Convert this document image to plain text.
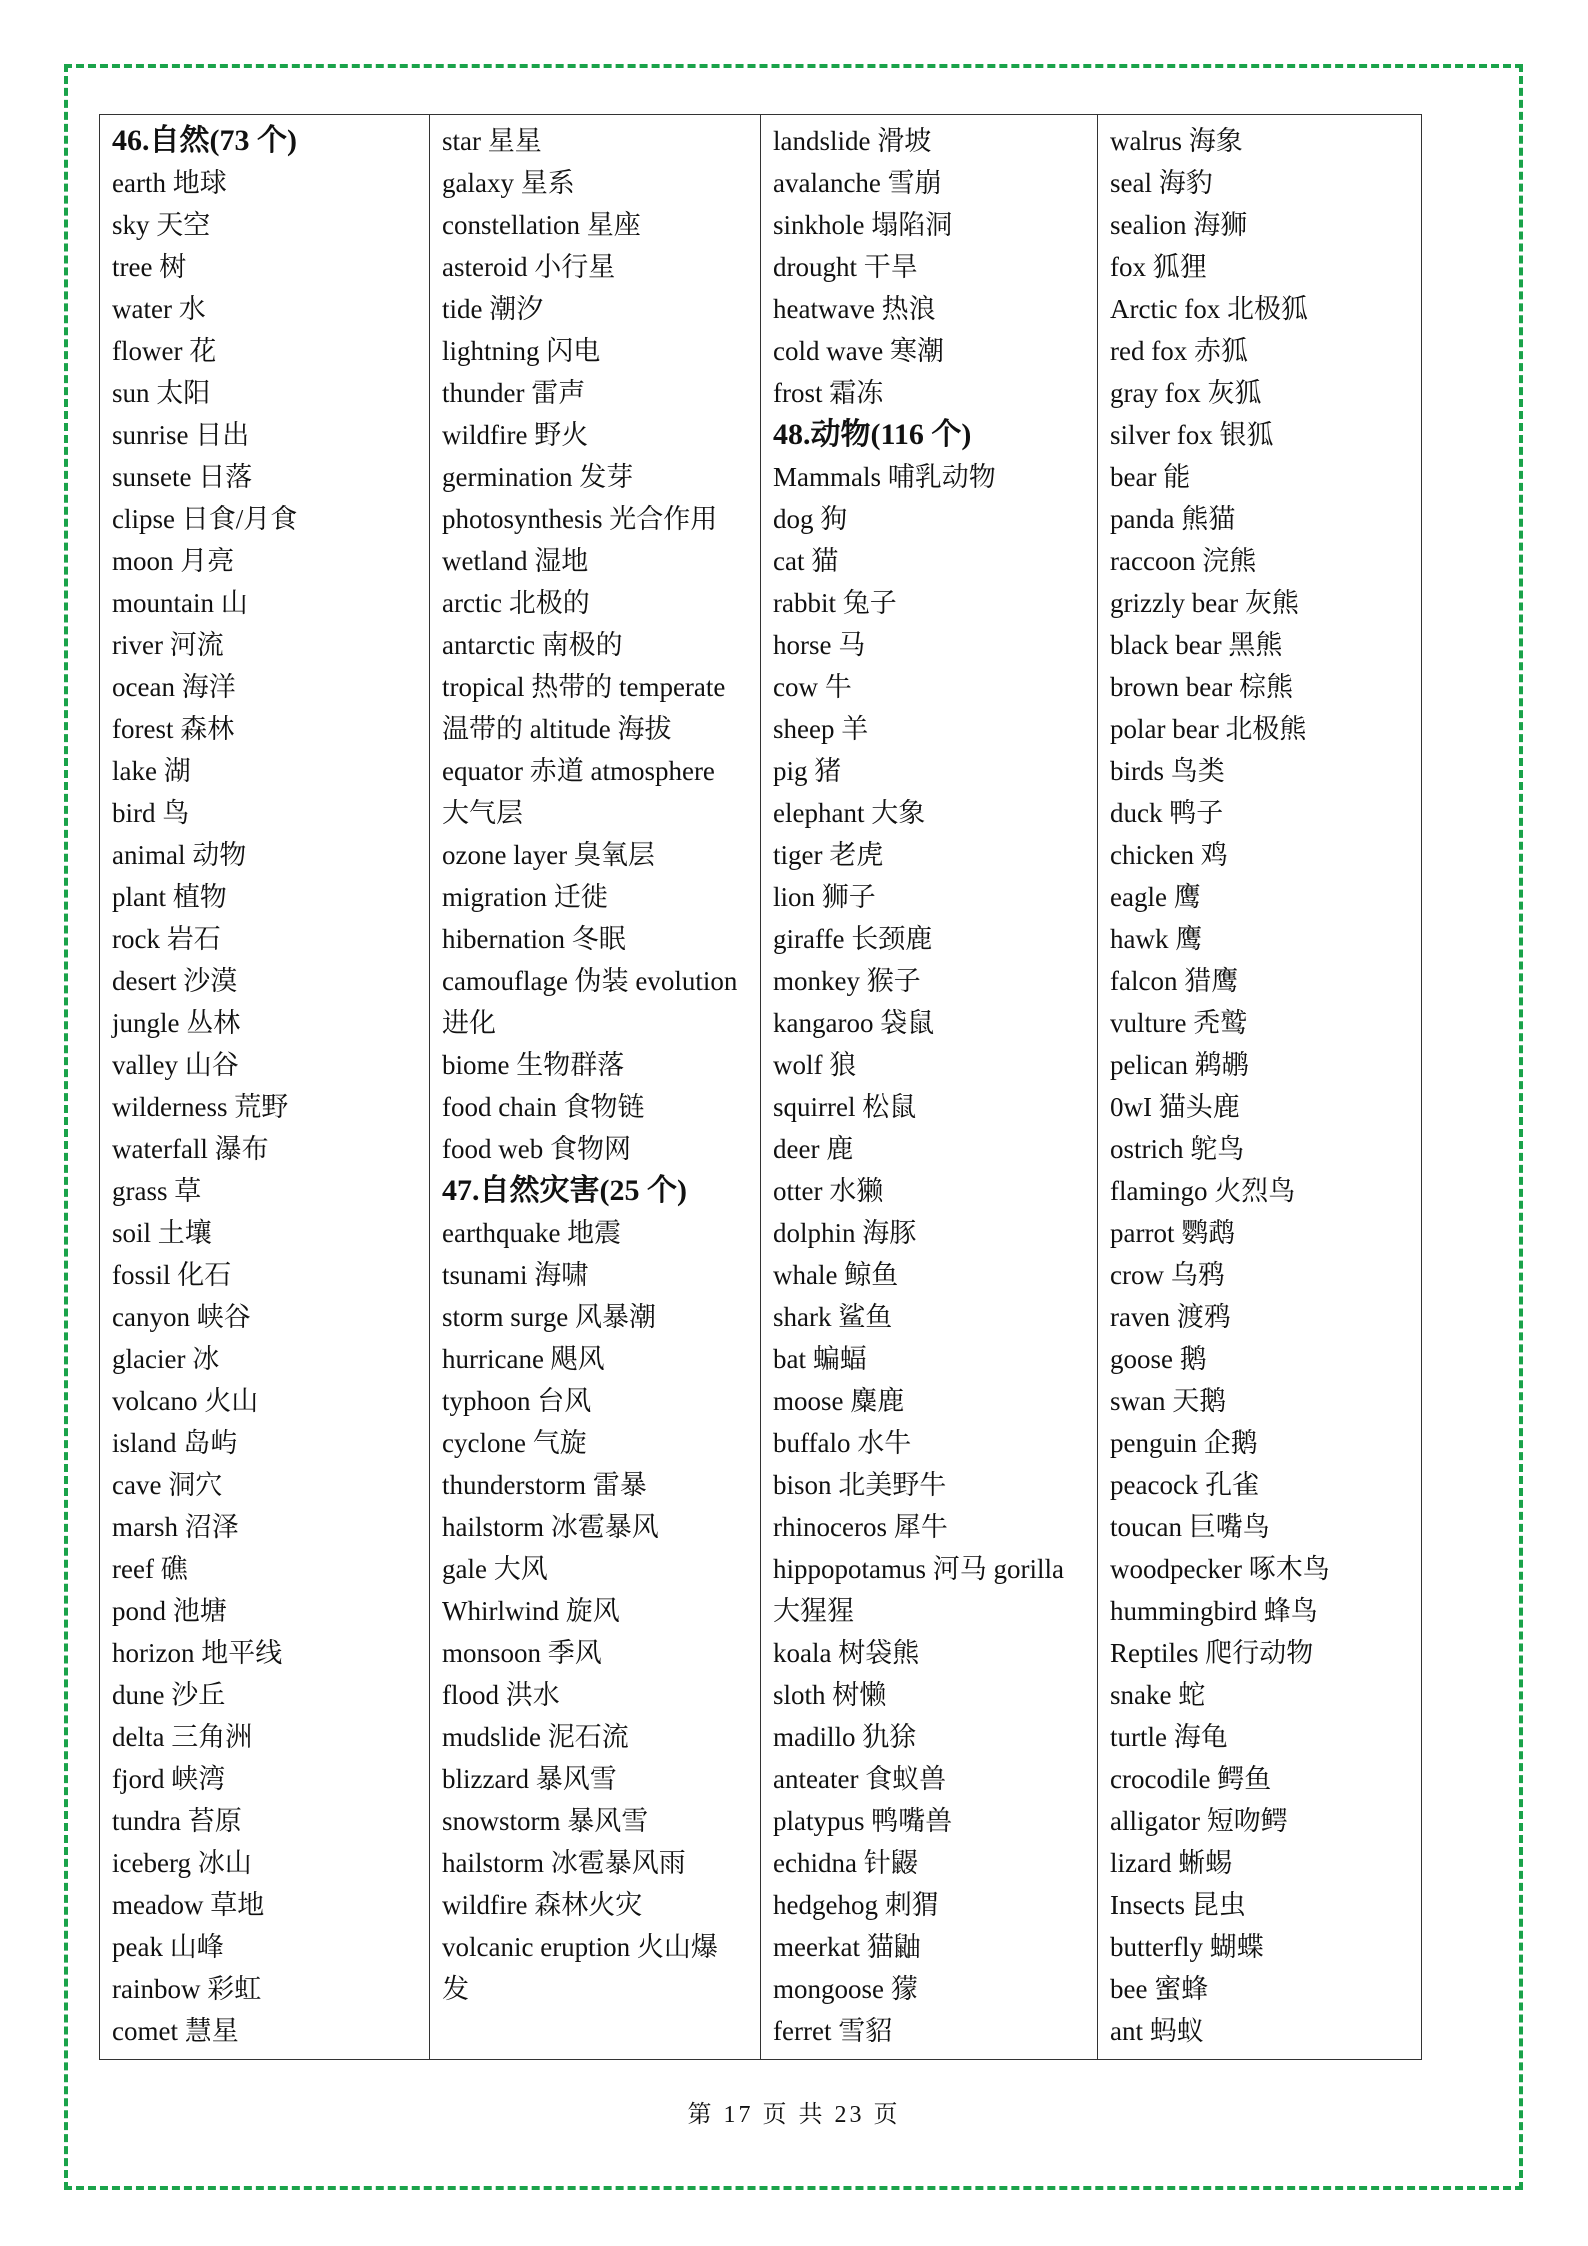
46.自然(73 个)
earth 地球
sky 天空
tree 树
water 水
flower 花
sun 太阳
sunrise 日出
sunsete 日落
clipse 日食/月食
moon 月亮
mountain 山
river 河流
ocean 海洋
forest 森林
lake 湖
bird 鸟
animal 动物
plant 植物
rock 岩石
desert 沙漠
jungle 丛林
valley 山谷
wilderness 荒野
waterfall 瀑布
grass 草
soil 土壤
fossil 化石
canyon 峡谷
glacier 冰
volcano 火山
island 岛屿
cave 洞穴
marsh 沼泽
reef 礁
pond 池塘
horizon 地平线
dune 沙丘
delta 三角洲
fjord 峡湾
tundra 苔原
iceberg 冰山
meadow 草地
peak 山峰
rainbow 彩虹
comet 慧星
star 星星
galaxy 星系
constellation 星座
asteroid 小行星
tide 潮汐
lightning 闪电
thunder 雷声
wildfire 野火
germination 发芽
photosynthesis 光合作用
wetland 湿地
arctic 北极的
antarctic 南极的
tropical 热带的 temperate
温带的 altitude 海拔
equator 赤道 atmosphere
大气层
ozone layer 臭氧层
migration 迁徙
hibernation 冬眠
camouflage 伪装 evolution
进化
biome 生物群落
food chain 食物链
food web 食物网
47.自然灾害(25 个)
earthquake 地震
tsunami 海啸
storm surge 风暴潮
hurricane 飓风
typhoon 台风
cyclone 气旋
thunderstorm 雷暴
hailstorm 冰雹暴风
gale 大风
Whirlwind 旋风
monsoon 季风
flood 洪水
mudslide 泥石流
blizzard 暴风雪
snowstorm 暴风雪
hailstorm 冰雹暴风雨
wildfire 森林火灾
volcanic eruption 火山爆
发
landslide 滑坡
avalanche 雪崩
sinkhole 塌陷洞
drought 干旱
heatwave 热浪
cold wave 寒潮
frost 霜冻
48.动物(116 个)
Mammals 哺乳动物
dog 狗
cat 猫
rabbit 兔子
horse 马
cow 牛
sheep 羊
pig 猪
elephant 大象
tiger 老虎
lion 狮子
giraffe 长颈鹿
monkey 猴子
kangaroo 袋鼠
wolf 狼
squirrel 松鼠
deer 鹿
otter 水獭
dolphin 海豚
whale 鲸鱼
shark 鲨鱼
bat 蝙蝠
moose 麋鹿
buffalo 水牛
bison 北美野牛
rhinoceros 犀牛
hippopotamus 河马 gorilla
大猩猩
koala 树袋熊
sloth 树懒
madillo 犰狳
anteater 食蚁兽
platypus 鸭嘴兽
echidna 针鼹
hedgehog 刺猬
meerkat 猫鼬
mongoose 獴
ferret 雪貂
walrus 海象
seal 海豹
sealion 海狮
fox 狐狸
Arctic fox 北极狐
red fox 赤狐
gray fox 灰狐
silver fox 银狐
bear 能
panda 熊猫
raccoon 浣熊
grizzly bear 灰熊
black bear 黑熊
brown bear 棕熊
polar bear 北极熊
birds 鸟类
duck 鸭子
chicken 鸡
eagle 鹰
hawk 鹰
falcon 猎鹰
vulture 秃鹫
pelican 鹈鹕
0wI 猫头鹿
ostrich 鸵鸟
flamingo 火烈鸟
parrot 鹦鹉
crow 乌鸦
raven 渡鸦
goose 鹅
swan 天鹅
penguin 企鹅
peacock 孔雀
toucan 巨嘴鸟
woodpecker 啄木鸟
hummingbird 蜂鸟
Reptiles 爬行动物
snake 蛇
turtle 海龟
crocodile 鳄鱼
alligator 短吻鳄
lizard 蜥蜴
Insects 昆虫
butterfly 蝴蝶
bee 蜜蜂
ant 蚂蚁
第 17 页 共 23 页
